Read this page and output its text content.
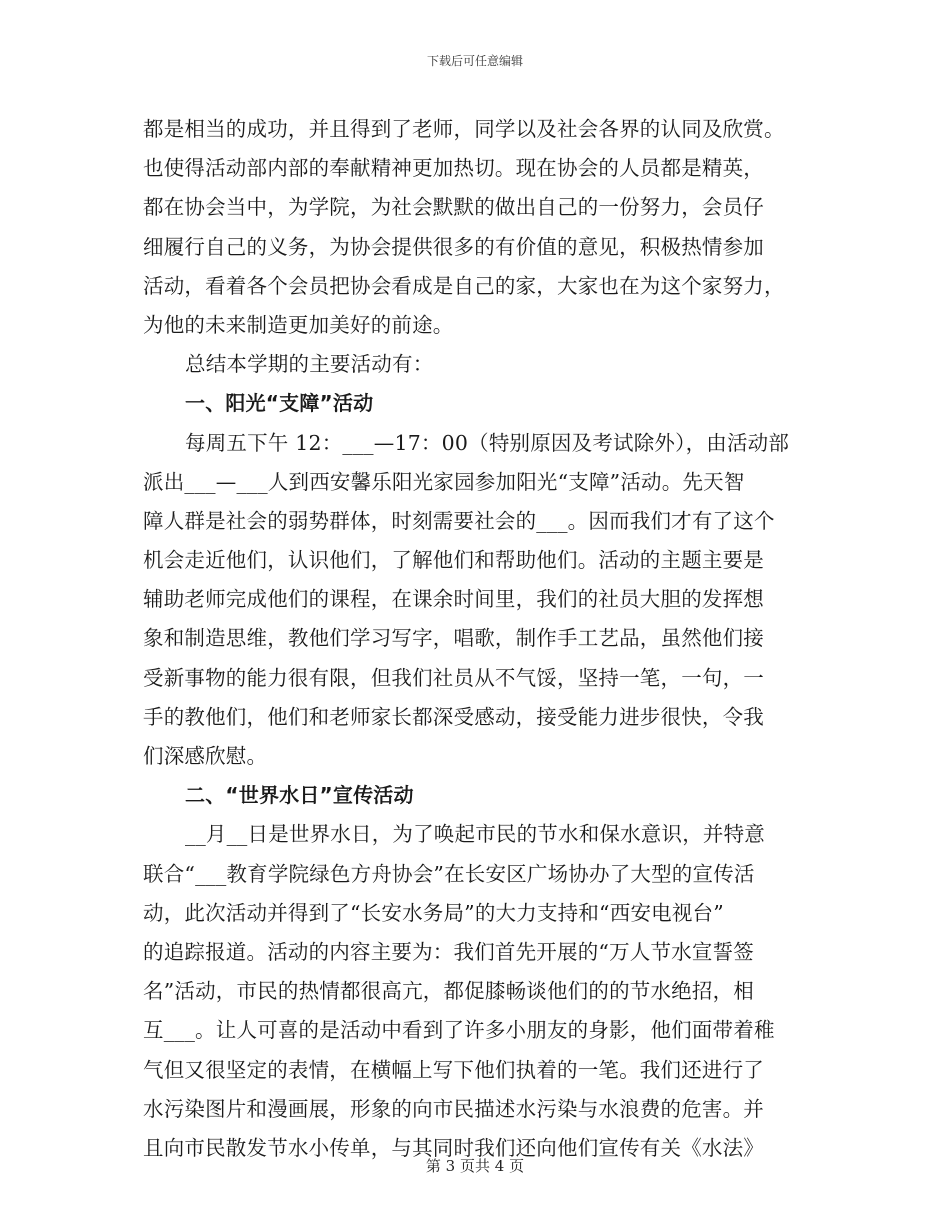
下载后可任意编辑
都是相当的成功，并且得到了老师，同学以及社会各界的认同及欣赏。
也使得活动部内部的奉献精神更加热切。现在协会的人员都是精英，
都在协会当中，为学院，为社会默默的做出自己的一份努力，会员仔
细履行自己的义务，为协会提供很多的有价值的意见，积极热情参加
活动，看着各个会员把协会看成是自己的家，大家也在为这个家努力，
为他的未来制造更加美好的前途。
总结本学期的主要活动有：
一、阳光“支障”活动
每周五下午 12：___—17：00（特别原因及考试除外），由活动部
派出___—___人到西安馨乐阳光家园参加阳光“支障”活动。先天智
障人群是社会的弱势群体，时刻需要社会的___。因而我们才有了这个
机会走近他们，认识他们，了解他们和帮助他们。活动的主题主要是
辅助老师完成他们的课程，在课余时间里，我们的社员大胆的发挥想
象和制造思维，教他们学习写字，唱歌，制作手工艺品，虽然他们接
受新事物的能力很有限，但我们社员从不气馁，坚持一笔，一句，一
手的教他们，他们和老师家长都深受感动，接受能力进步很快，令我
们深感欣慰。
二、“世界水日”宣传活动
__月__日是世界水日，为了唤起市民的节水和保水意识，并特意
联合“___教育学院绿色方舟协会”在长安区广场协办了大型的宣传活
动，此次活动并得到了“长安水务局”的大力支持和“西安电视台”
的追踪报道。活动的内容主要为：我们首先开展的“万人节水宣誓签
名”活动，市民的热情都很高亢，都促膝畅谈他们的的节水绝招，相
互___。让人可喜的是活动中看到了许多小朋友的身影，他们面带着稚
气但又很坚定的表情，在横幅上写下他们执着的一笔。我们还进行了
水污染图片和漫画展，形象的向市民描述水污染与水浪费的危害。并
且向市民散发节水小传单，与其同时我们还向他们宣传有关《水法》
第 3 页共 4 页
